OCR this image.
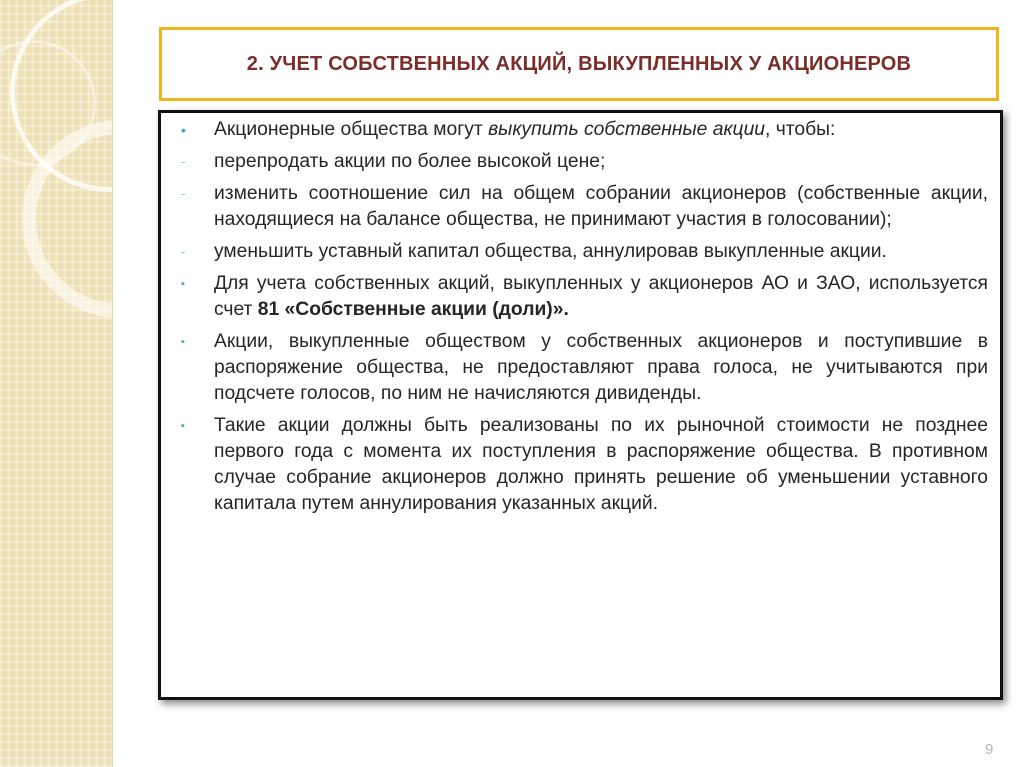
2. УЧЕТ СОБСТВЕННЫХ АКЦИЙ, ВЫКУПЛЕННЫХ У АКЦИОНЕРОВ
•	Акционерные общества могут выкупить собственные акции, чтобы:
-	перепродать акции по более высокой цене;
-	изменить соотношение сил на общем собрании акционеров (собственные акции, находящиеся на балансе общества, не принимают участия в голосовании);
-	уменьшить уставный капитал общества, аннулировав выкупленные акции.
▪	Для учета собственных акций, выкупленных у акционеров АО и ЗАО, используется счет 81 «Собственные акции (доли)».
▪	Акции, выкупленные обществом у собственных акционеров и поступившие в распоряжение общества, не предоставляют права голоса, не учитываются при подсчете голосов, по ним не начисляются дивиденды.
▪	Такие акции должны быть реализованы по их рыночной стоимости не позднее первого года с момента их поступления в распоряжение общества. В противном случае собрание акционеров должно принять решение об уменьшении уставного капитала путем аннулирования указанных акций.
9
